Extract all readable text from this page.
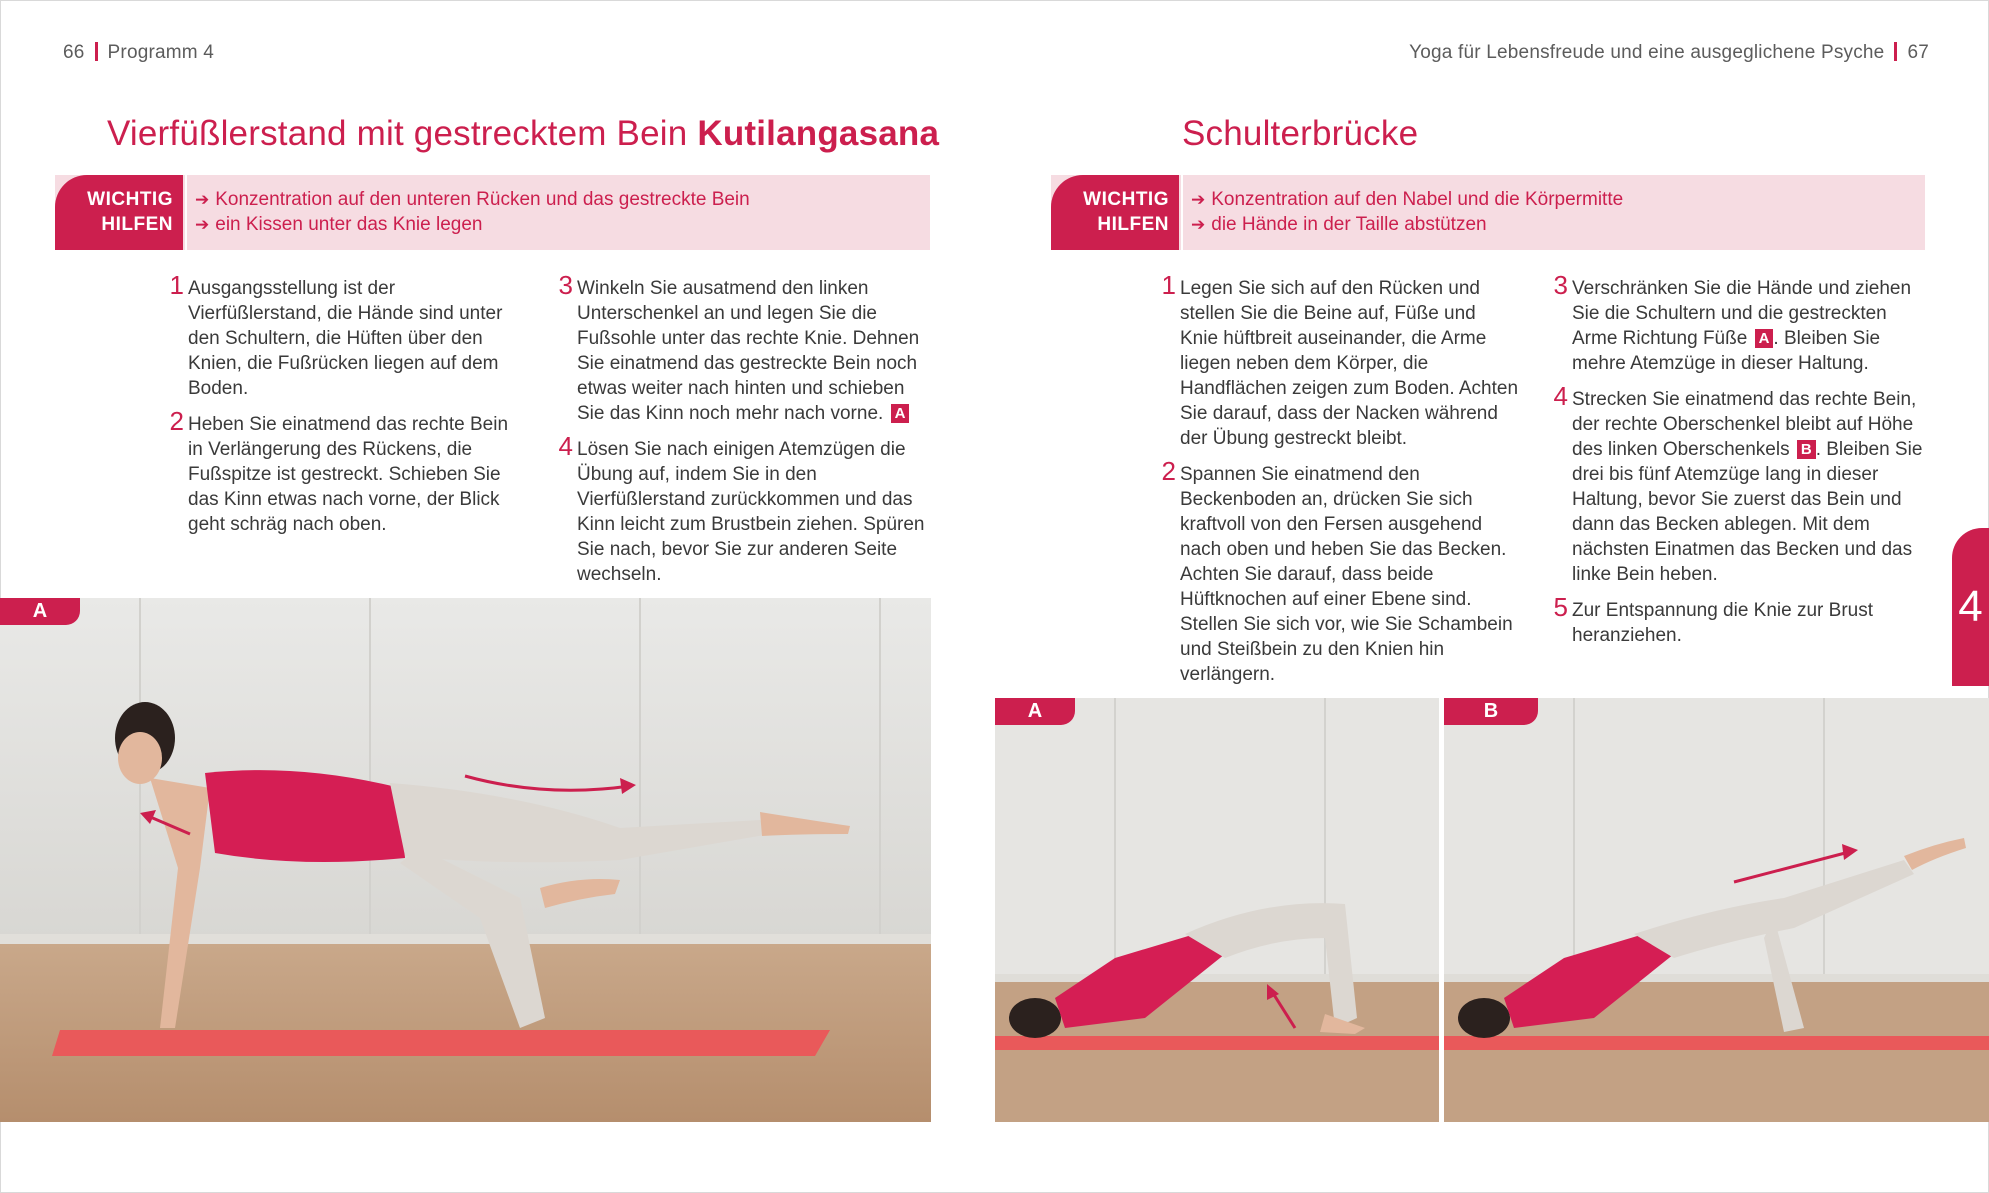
66 Programm 4	Yoga für Lebensfreude und eine ausgeglichene Psyche 67
Vierfüßlerstand mit gestrecktem Bein Kutilangasana
WICHTIG
HILFEN
➔ Konzentration auf den unteren Rücken und das gestreckte Bein
➔ ein Kissen unter das Knie legen
1 Ausgangsstellung ist der Vierfüßlerstand, die Hände sind unter den Schultern, die Hüften über den Knien, die Fußrücken liegen auf dem Boden.
2 Heben Sie einatmend das rechte Bein in Verlängerung des Rückens, die Fußspitze ist gestreckt. Schieben Sie das Kinn etwas nach vorne, der Blick geht schräg nach oben.
3 Winkeln Sie ausatmend den linken Unterschenkel an und legen Sie die Fußsohle unter das rechte Knie. Dehnen Sie einatmend das gestreckte Bein noch etwas weiter nach hinten und schieben Sie das Kinn noch mehr nach vorne. A
4 Lösen Sie nach einigen Atemzügen die Übung auf, indem Sie in den Vierfüßlerstand zurückkommen und das Kinn leicht zum Brustbein ziehen. Spüren Sie nach, bevor Sie zur anderen Seite wechseln.
A
Schulterbrücke
WICHTIG
HILFEN
➔ Konzentration auf den Nabel und die Körpermitte
➔ die Hände in der Taille abstützen
1 Legen Sie sich auf den Rücken und stellen Sie die Beine auf, Füße und Knie hüftbreit auseinander, die Arme liegen neben dem Körper, die Handflächen zeigen zum Boden. Achten Sie darauf, dass der Nacken während der Übung gestreckt bleibt.
2 Spannen Sie einatmend den Beckenboden an, drücken Sie sich kraftvoll von den Fersen ausgehend nach oben und heben Sie das Becken. Achten Sie darauf, dass beide Hüftknochen auf einer Ebene sind. Stellen Sie sich vor, wie Sie Schambein und Steißbein zu den Knien hin verlängern.
3 Verschränken Sie die Hände und ziehen Sie die Schultern und die gestreckten Arme Richtung Füße A . Bleiben Sie mehre Atemzüge in dieser Haltung.
4 Strecken Sie einatmend das rechte Bein, der rechte Oberschenkel bleibt auf Höhe des linken Oberschenkels B . Bleiben Sie drei bis fünf Atemzüge lang in dieser Haltung, bevor Sie zuerst das Bein und dann das Becken ablegen. Mit dem nächsten Einatmen das Becken und das linke Bein heben.
5 Zur Entspannung die Knie zur Brust heranziehen.
A	B
4
